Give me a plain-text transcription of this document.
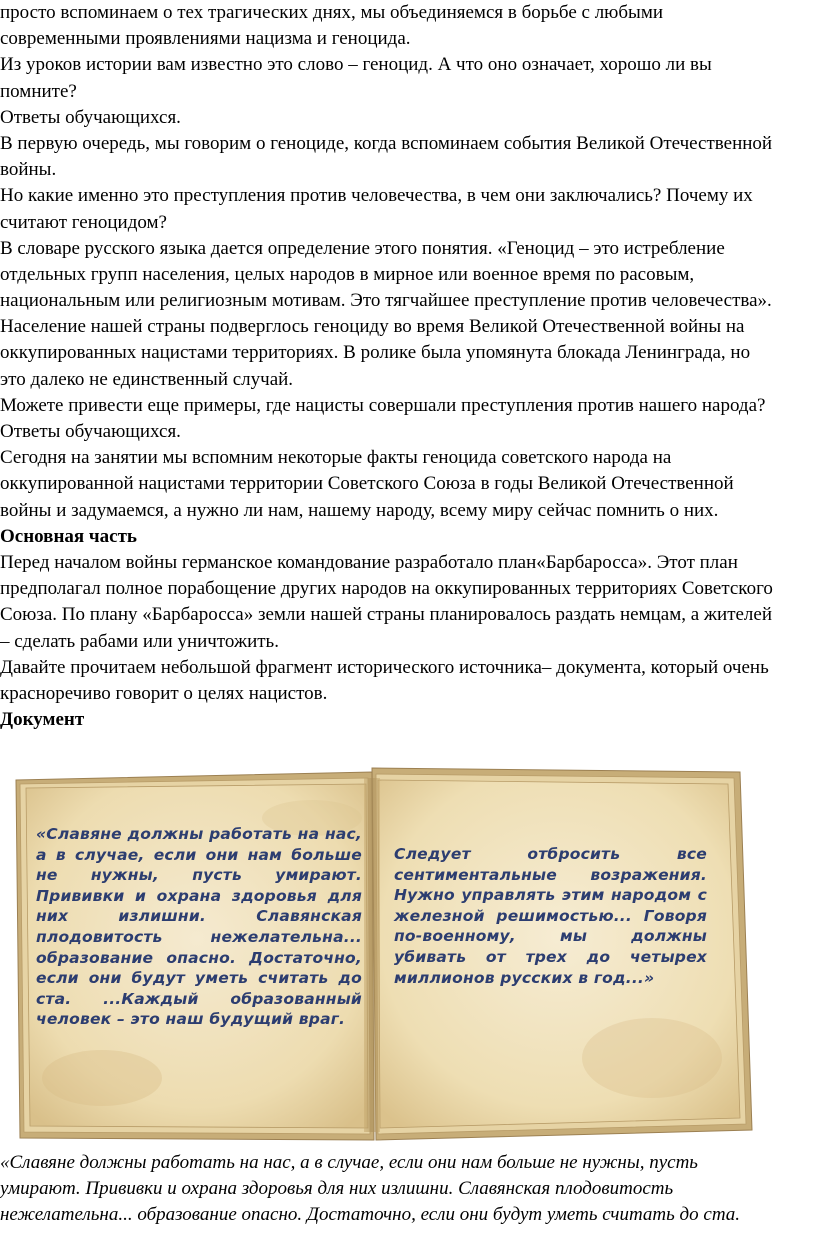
просто вспоминаем о тех трагических днях, мы объединяемся в борьбе с любыми
современными проявлениями нацизма и геноцида.
Из уроков истории вам известно это слово – геноцид. А что оно означает, хорошо ли вы
помните?
Ответы обучающихся.
В первую очередь, мы говорим о геноциде, когда вспоминаем события Великой Отечественной
войны.
Но какие именно это преступления против человечества, в чем они заключались? Почему их
считают геноцидом?
В словаре русского языка дается определение этого понятия. «Геноцид – это истребление
отдельных групп населения, целых народов в мирное или военное время по расовым,
национальным или религиозным мотивам. Это тягчайшее преступление против человечества».
Население нашей страны подверглось геноциду во время Великой Отечественной войны на
оккупированных нацистами территориях. В ролике была упомянута блокада Ленинграда, но
это далеко не единственный случай.
Можете привести еще примеры, где нацисты совершали преступления против нашего народа?
Ответы обучающихся.
Сегодня на занятии мы вспомним некоторые факты геноцида советского народа на
оккупированной нацистами территории Советского Союза в годы Великой Отечественной
войны и задумаемся, а нужно ли нам, нашему народу, всему миру сейчас помнить о них.
Основная часть
Перед началом войны германское командование разработало план«Барбаросса». Этот план
предполагал полное порабощение других народов на оккупированных территориях Советского
Союза. По плану «Барбаросса» земли нашей страны планировалось раздать немцам, а жителей
– сделать рабами или уничтожить.
Давайте прочитаем небольшой фрагмент исторического источника– документа, который очень
красноречиво говорит о целях нацистов.
Документ
«Славяне должны работать на нас, а в случае, если они нам больше не нужны, пусть умирают. Прививки и охрана здоровья для них излишни. Славянская плодовитость нежелательна... образование опасно. Достаточно, если они будут уметь считать до ста. ...Каждый образованный человек – это наш будущий враг.
Следует отбросить все сентиментальные возражения. Нужно управлять этим народом с железной решимостью... Говоря по-военному, мы должны убивать от трех до четырех миллионов русских в год...»
«Славяне должны работать на нас, а в случае, если они нам больше не нужны, пусть
умирают. Прививки и охрана здоровья для них излишни. Славянская плодовитость
нежелательна... образование опасно. Достаточно, если они будут уметь считать до ста.
